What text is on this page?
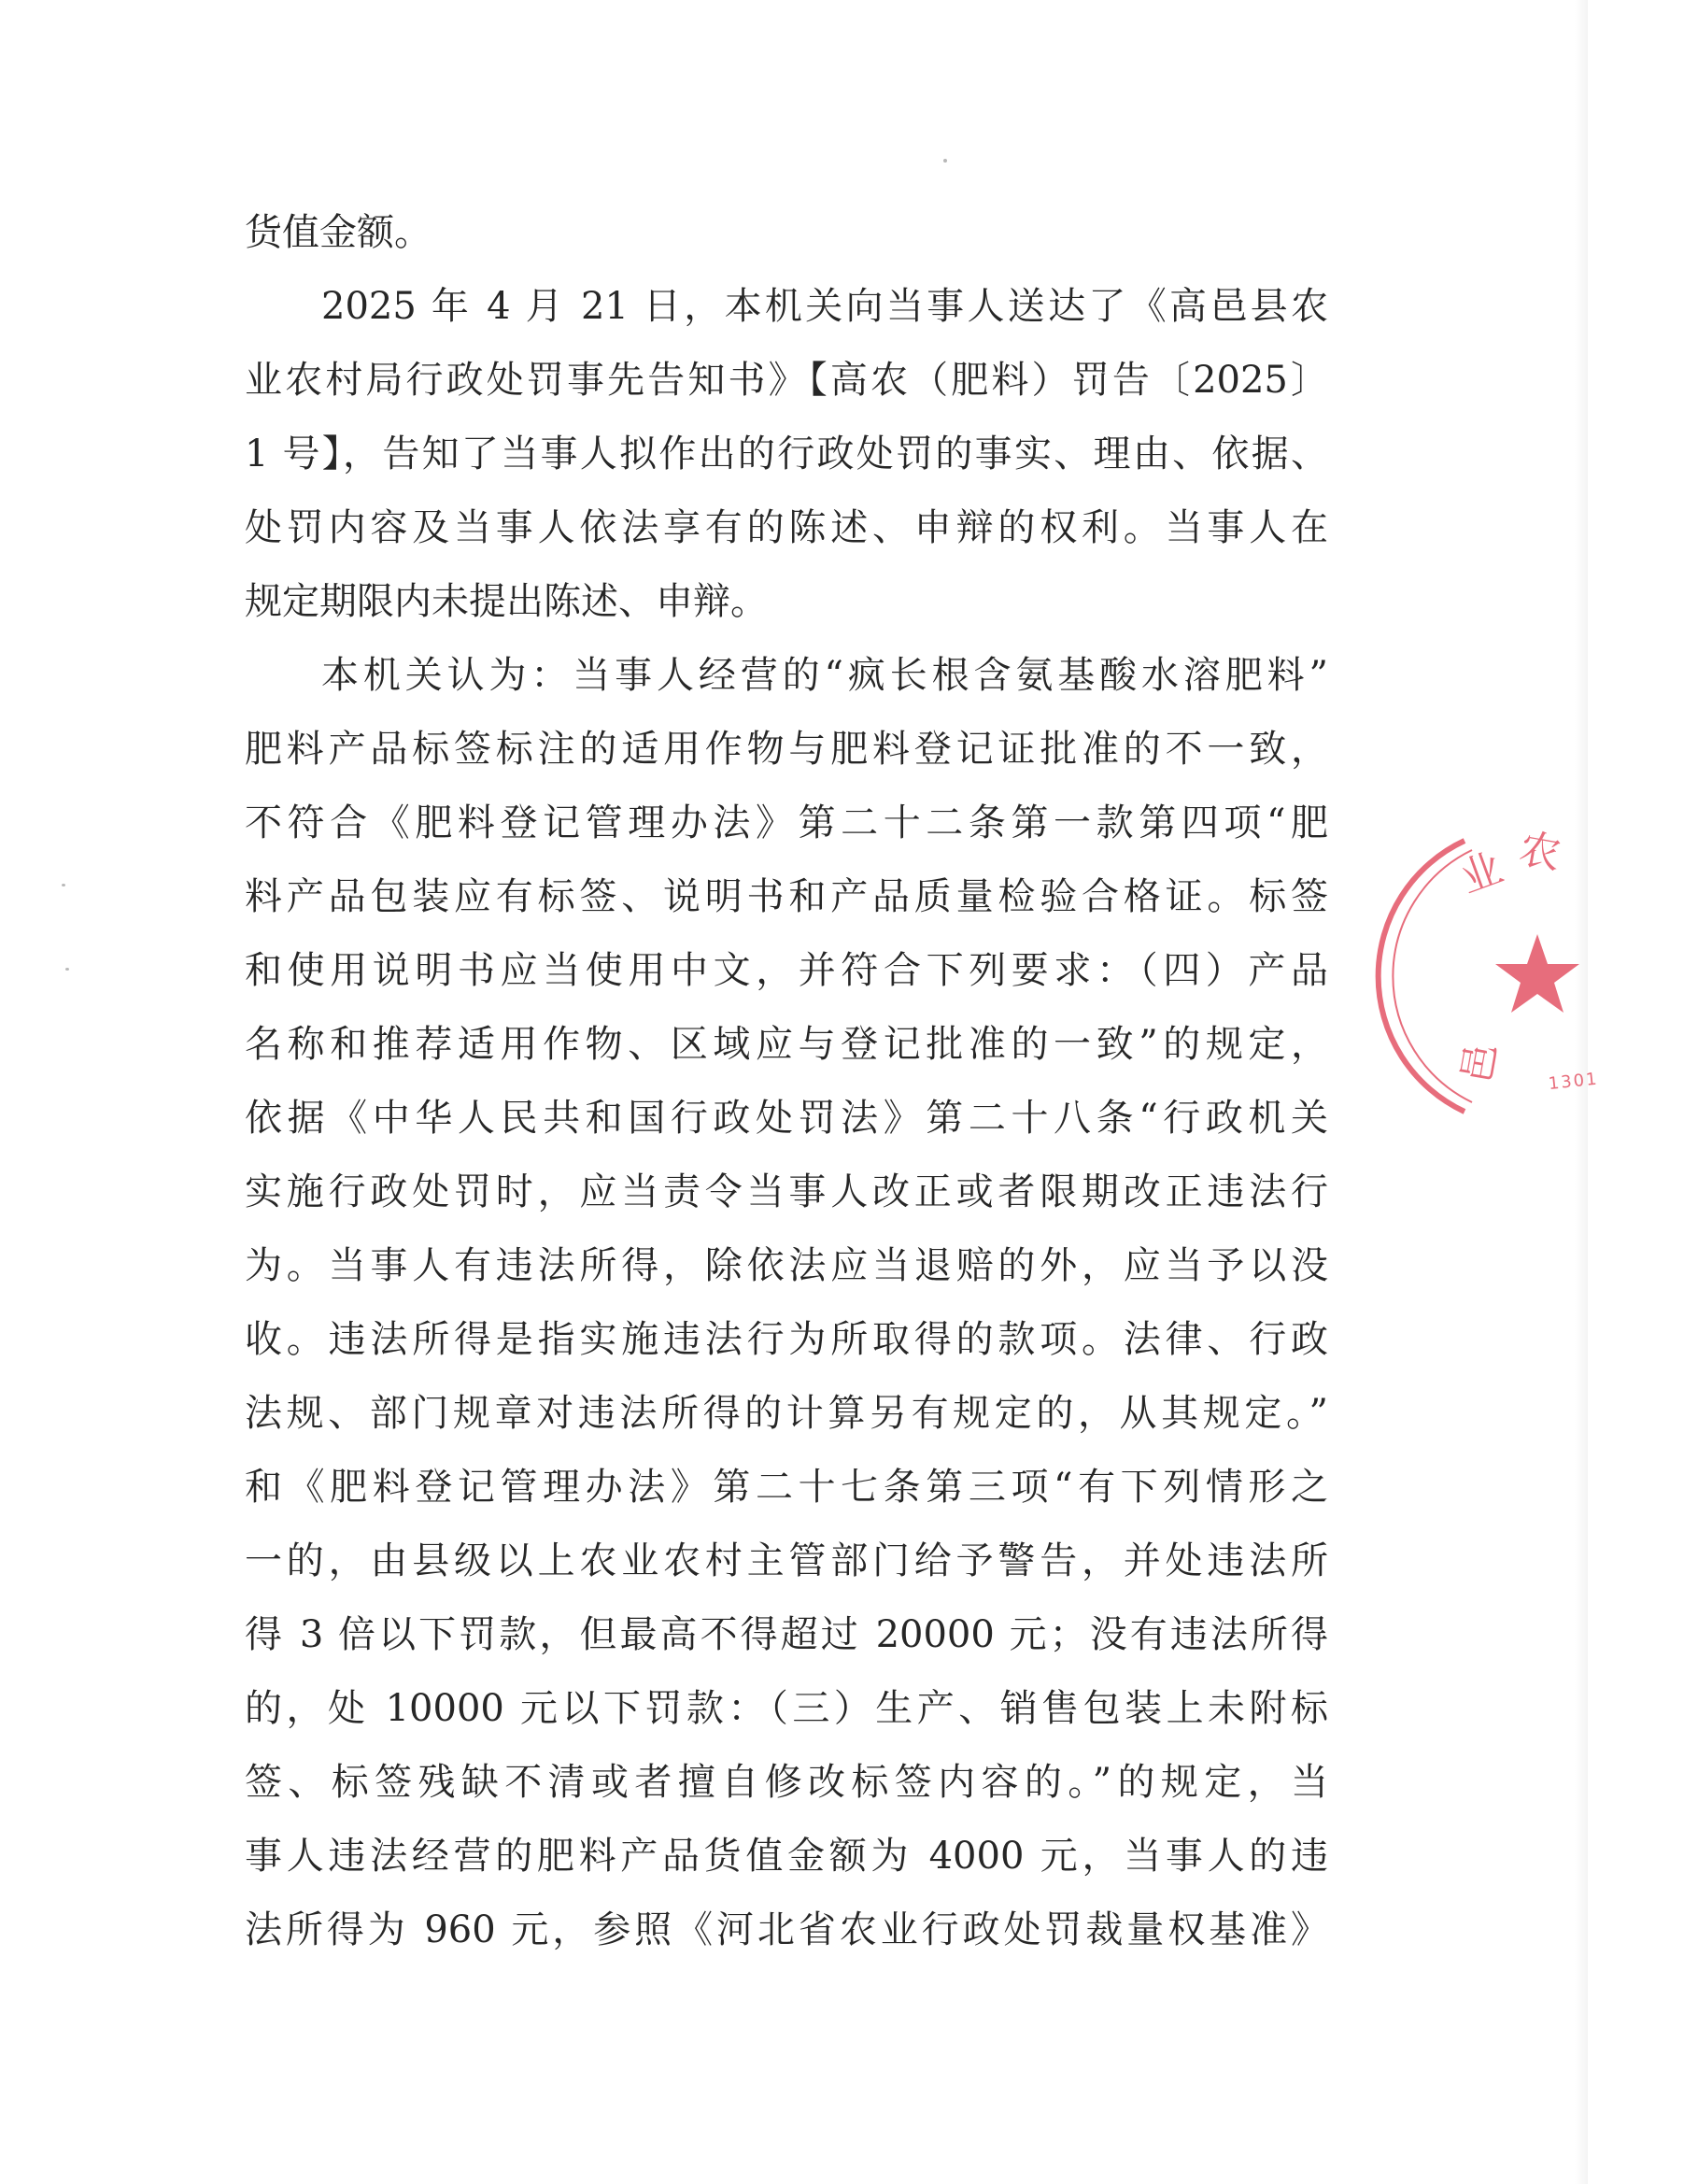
货值金额。
2025 年 4 月 21 日，本机关向当事人送达了《高邑县农
业农村局行政处罚事先告知书》【高农（肥料）罚告〔2025〕
1 号】，告知了当事人拟作出的行政处罚的事实、理由、依据、
处罚内容及当事人依法享有的陈述、申辩的权利。当事人在
规定期限内未提出陈述、申辩。
本机关认为：当事人经营的“疯长根含氨基酸水溶肥料”
肥料产品标签标注的适用作物与肥料登记证批准的不一致，
不符合《肥料登记管理办法》第二十二条第一款第四项“肥
料产品包装应有标签、说明书和产品质量检验合格证。标签
和使用说明书应当使用中文，并符合下列要求：（四）产品
名称和推荐适用作物、区域应与登记批准的一致”的规定，
依据《中华人民共和国行政处罚法》第二十八条“行政机关
实施行政处罚时，应当责令当事人改正或者限期改正违法行
为。当事人有违法所得，除依法应当退赔的外，应当予以没
收。违法所得是指实施违法行为所取得的款项。法律、行政
法规、部门规章对违法所得的计算另有规定的，从其规定。”
和《肥料登记管理办法》第二十七条第三项“有下列情形之
一的，由县级以上农业农村主管部门给予警告，并处违法所
得 3 倍以下罚款，但最高不得超过 20000 元；没有违法所得
的，处 10000 元以下罚款：（三）生产、销售包装上未附标
签、标签残缺不清或者擅自修改标签内容的。”的规定，当
事人违法经营的肥料产品货值金额为 4000 元，当事人的违
法所得为 960 元，参照《河北省农业行政处罚裁量权基准》
业 农
邑	1301
